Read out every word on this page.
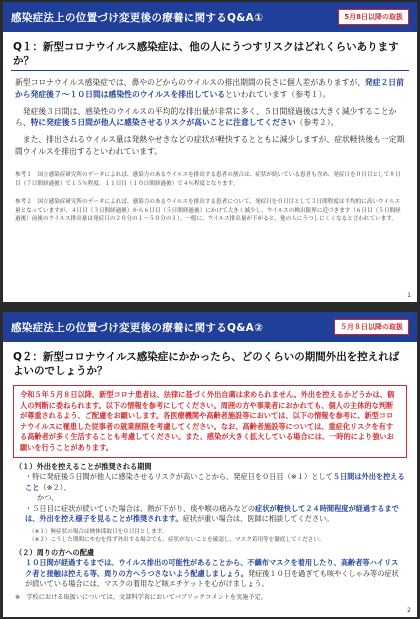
感染症法上の位置づけ変更後の療養に関するQ&A①	5月8日以降の取扱
Q１：新型コロナウイルス感染症は、他の人にうつすリスクはどれくらいありますか？

新型コロナウイルス感染症では、鼻やのどからのウイルスの排出期間の長さに個人差がありますが、発症２日前から発症後７～１０日間は感染性のウイルスを排出しているといわれています（参考１）。

　発症後３日間は、感染性のウイルスの平均的な排出量が非常に多く、５日間経過後は大きく減少することから、特に発症後５日間が他人に感染させるリスクが高いことに注意してください（参考２）。

　また、排出されるウイルス量は発熱やせきなどの症状が軽快するとともに減少しますが、症状軽快後も一定期間ウイルスを排出するといわれています。

参考１　国立感染症研究所のデータによれば、感染力のあるウイルスを排出する患者の割合は、症状が続いている患者も含め、発症日を０日目として８日目（７日間経過後）で１５％程度、１１日目（１０日間経過後）で４％程度となります。
参考２　国立感染症研究所のデータによれば、感染力のあるウイルスを排出する患者について、発症日を０日目として３日間程度は平均的に高いウイルス量となっていますが、４日目（３日間経過後）から６日目（５日間経過後）にかけて大きく減少し、ウイルスの検出限界に近づきます（６日目（５日間経過後）前後のウイルス排出量は発症日の２０分の１～５０分の１）。一般に、ウイルス排出量が下がると、他の人にうつしにくくなると言われています。
1
感染症法上の位置づけ変更後の療養に関するQ&A②	５月８日以降の取扱
Q２：新型コロナウイルス感染症にかかったら、どのくらいの期間外出を控えればよいのでしょうか？
令和５年５月８日以降、新型コロナ患者は、法律に基づく外出自粛は求められません。外出を控えるかどうかは、個人の判断に委ねられます。以下の情報を参考にしてください。周囲の方や事業者におかれても、個人の主体的な判断が尊重されるよう、ご配慮をお願いします。各医療機関や高齢者施設等においては、以下の情報を参考に、新型コロナウイルスに罹患した従事者の就業制限を考慮してください。なお、高齢者施設等については、重症化リスクを有する高齢者が多く生活することも考慮してください。また、感染が大きく拡大している場合には、一時的により強いお願いを行うことがあります。
（１）外出を控えることが推奨される期間
・特に発症後５日間が他人に感染させるリスクが高いことから、発症日を０日目（※１）として５日間は外出を控えること（※２）、
かつ、
・５日目に症状が続いていた場合は、熱が下がり、痰や喉の痛みなどの症状が軽快して２４時間程度が経過するまでは、外出を控え様子を見ることが推奨されます。症状が重い場合は、医師に相談してください。
（※１）無症状の場合は検体採取日を０日目とします。
（※２）こうした期間にやむを得ず外出する場合でも、症状がないことを確認し、マスク着用等を徹底してください。
（２）周りの方への配慮
１０日間が経過するまでは、ウイルス排出の可能性があることから、不織布マスクを着用したり、高齢者等ハイリスク者と接触は控える等、周りの方へうつさないよう配慮しましょう。発症後１０日を過ぎても咳やくしゃみ等の症状が続いている場合には、マスクの着用など咳エチケットを心がけましょう。
※　学校における取扱いについては、文部科学省においてパブリックコメントを実施予定。
2
